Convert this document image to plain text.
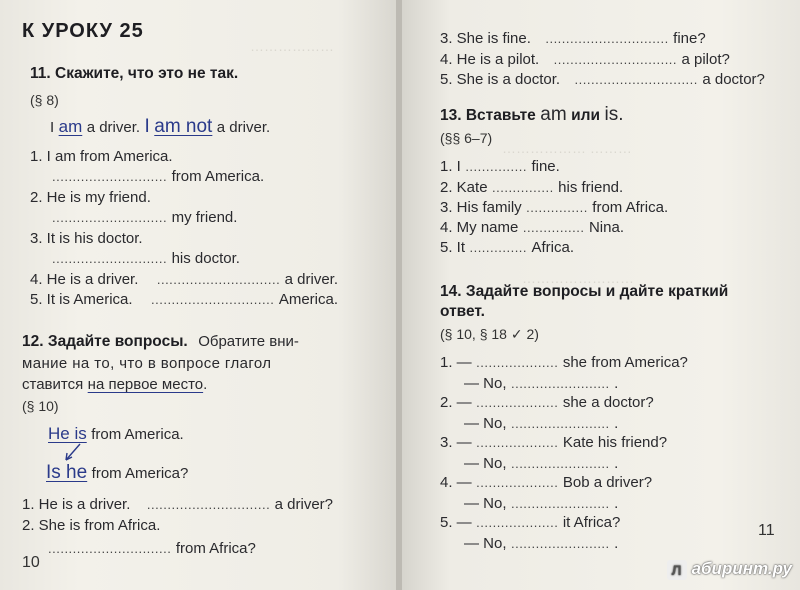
………………
К УРОКУ 25
11. Скажите, что это не так.
(§ 8)
I am a driver. I am not a driver.
1. I am from America.
............................ from America.
2. He is my friend.
............................ my friend.
3. It is his doctor.
............................ his doctor.
4. He is a driver. .............................. a driver.
5. It is America. .............................. America.
12. Задайте вопросы. Обратите вни-
мание на то, что в вопросе глагол
ставится на первое место.
(§ 10)
He is from America.
Is he from America?
1. He is a driver. .............................. a driver?
2. She is from Africa.
.............................. from Africa?
10
……………… ………
……………………
3. She is fine. .............................. fine?
4. He is a pilot. .............................. a pilot?
5. She is a doctor. .............................. a doctor?
13. Вставьте am или is.
(§§ 6–7)
1. I ............... fine.
2. Kate ............... his friend.
3. His family ............... from Africa.
4. My name ............... Nina.
5. It .............. Africa.
14. Задайте вопросы и дайте краткий
ответ.
(§ 10, § 18 ✓ 2)
1. — .................... she from America?
— No, ........................ .
2. — .................... she a doctor?
— No, ........................ .
3. — .................... Kate his friend?
— No, ........................ .
4. — .................... Bob a driver?
— No, ........................ .
5. — .................... it Africa?
— No, ........................ .
11
Л абиринт.ру
